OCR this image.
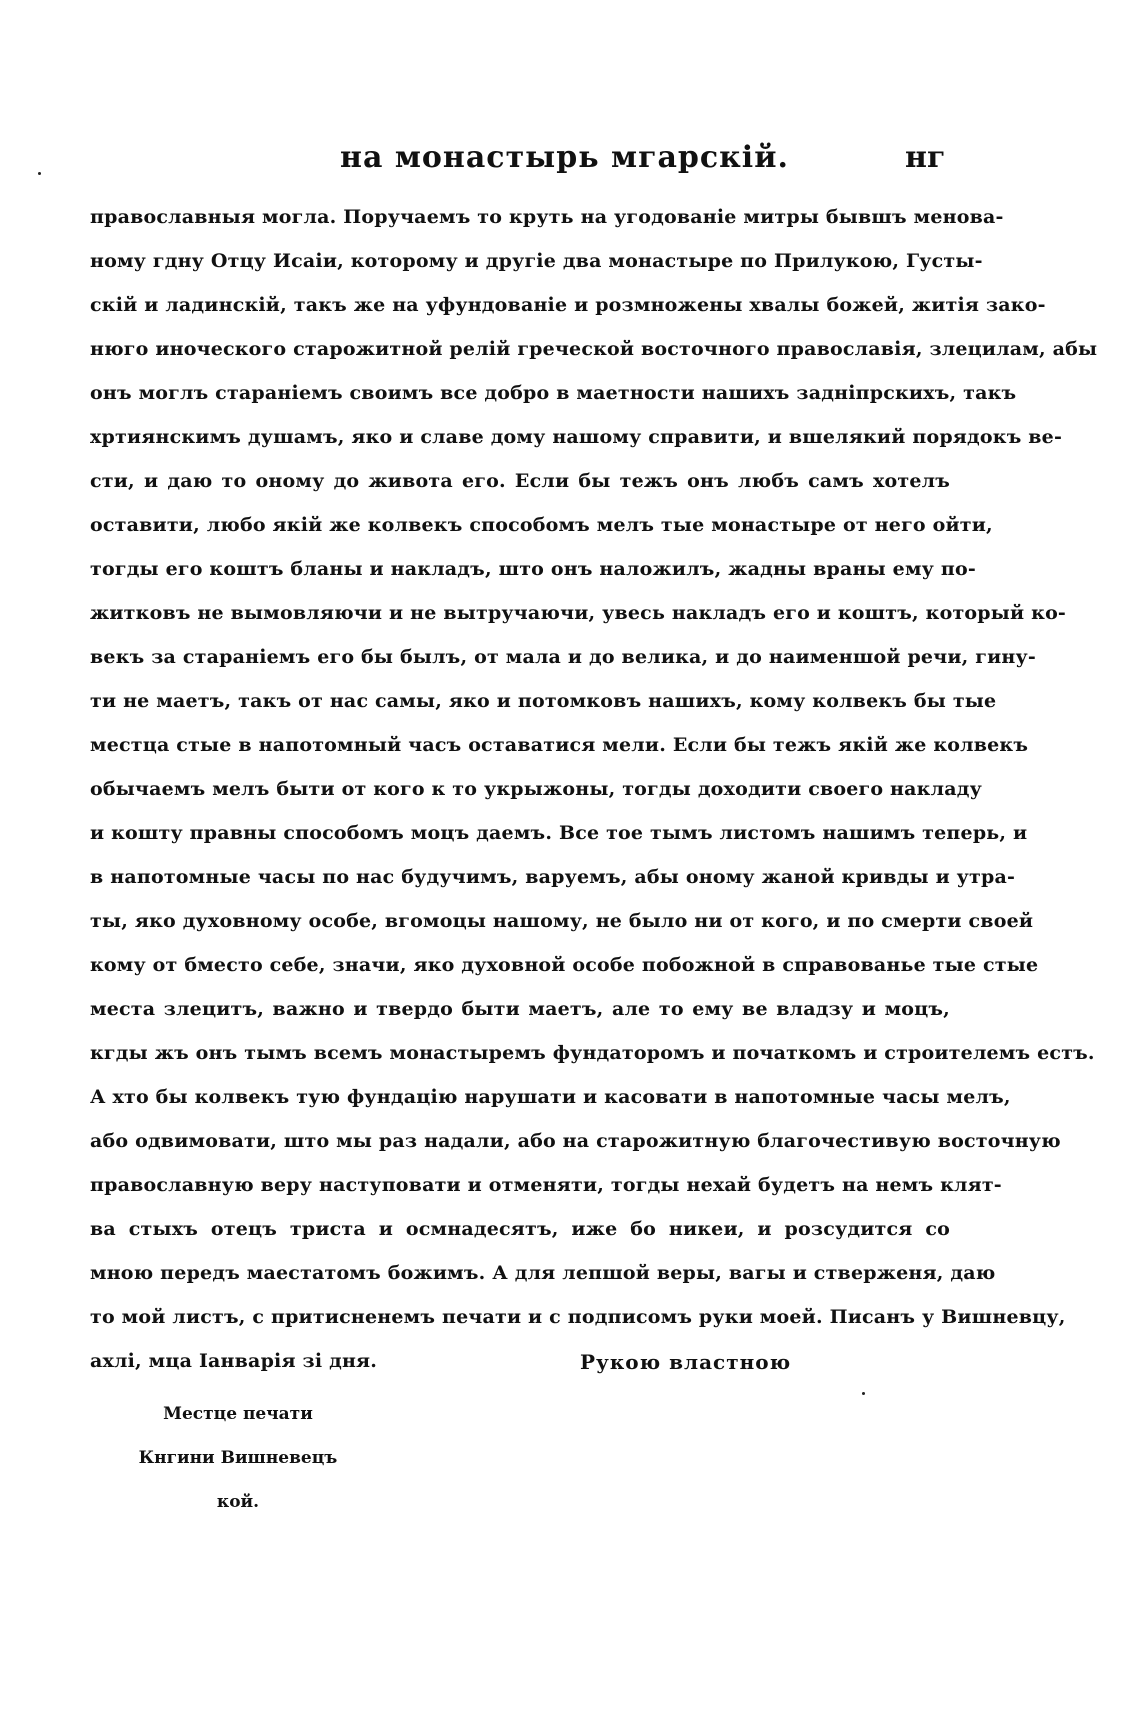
на монастырь мгарскій.	нг
православныя могла. Поручаемъ то круть на угодованіе митры бывшъ менова-
ному гдну Отцу Исаіи, которому и другіе два монастыре по Прилукою, Густы-
скій и ладинскій, такъ же на уфундованіе и розмножены хвалы божей, житія зако-
нюго иноческого старожитной релій греческой восточного православія, злецилам, абы
онъ моглъ стараніемъ своимъ все добро в маетности нашихъ задніпрскихъ, такъ
хртиянскимъ душамъ, яко и славе дому нашому справити, и вшелякий порядокъ ве-
сти, и даю то оному до живота его. Если бы тежъ онъ любъ самъ хотелъ
оставити, любо якій же колвекъ способомъ мелъ тые монастыре от него ойти,
тогды его коштъ бланы и накладъ, што онъ наложилъ, жадны враны ему по-
житковъ не вымовляючи и не вытручаючи, увесь накладъ его и коштъ, который ко-
векъ за стараніемъ его бы былъ, от мала и до велика, и до наименшой речи, гину-
ти не маетъ, такъ от нас самы, яко и потомковъ нашихъ, кому колвекъ бы тые
местца стые в напотомный часъ оставатися мели. Если бы тежъ якій же колвекъ
обычаемъ мелъ быти от кого к то укрыжоны, тогды доходити своего накладу
и кошту правны способомъ моцъ даемъ. Все тое тымъ листомъ нашимъ теперь, и
в напотомные часы по нас будучимъ, варуемъ, абы оному жаной кривды и утра-
ты, яко духовному особе, вгомоцы нашому, не было ни от кого, и по смерти своей
кому от бместо себе, значи, яко духовной особе побожной в справованье тые стые
места злецитъ, важно и твердо быти маетъ, але то ему ве владзу и моцъ,
кгды жъ онъ тымъ всемъ монастыремъ фундаторомъ и початкомъ и строителемъ естъ.
А хто бы колвекъ тую фундацію нарушати и касовати в напотомные часы мелъ,
або одвимовати, што мы раз надали, або на старожитную благочестивую восточную
православную веру наступовати и отменяти, тогды нехай будетъ на немъ клят-
ва стыхъ отецъ триста и осмнадесятъ, иже бо никеи, и розсудится со
мною передъ маестатомъ божимъ. А для лепшой веры, вагы и стверженя, даю
то мой листъ, с притисненемъ печати и с подписомъ руки моей. Писанъ у Вишневцу,
ахлі, мца Іанварія зі дня.	Рукою властною
Местце печати
Кнгини Вишневецъ
кой.
